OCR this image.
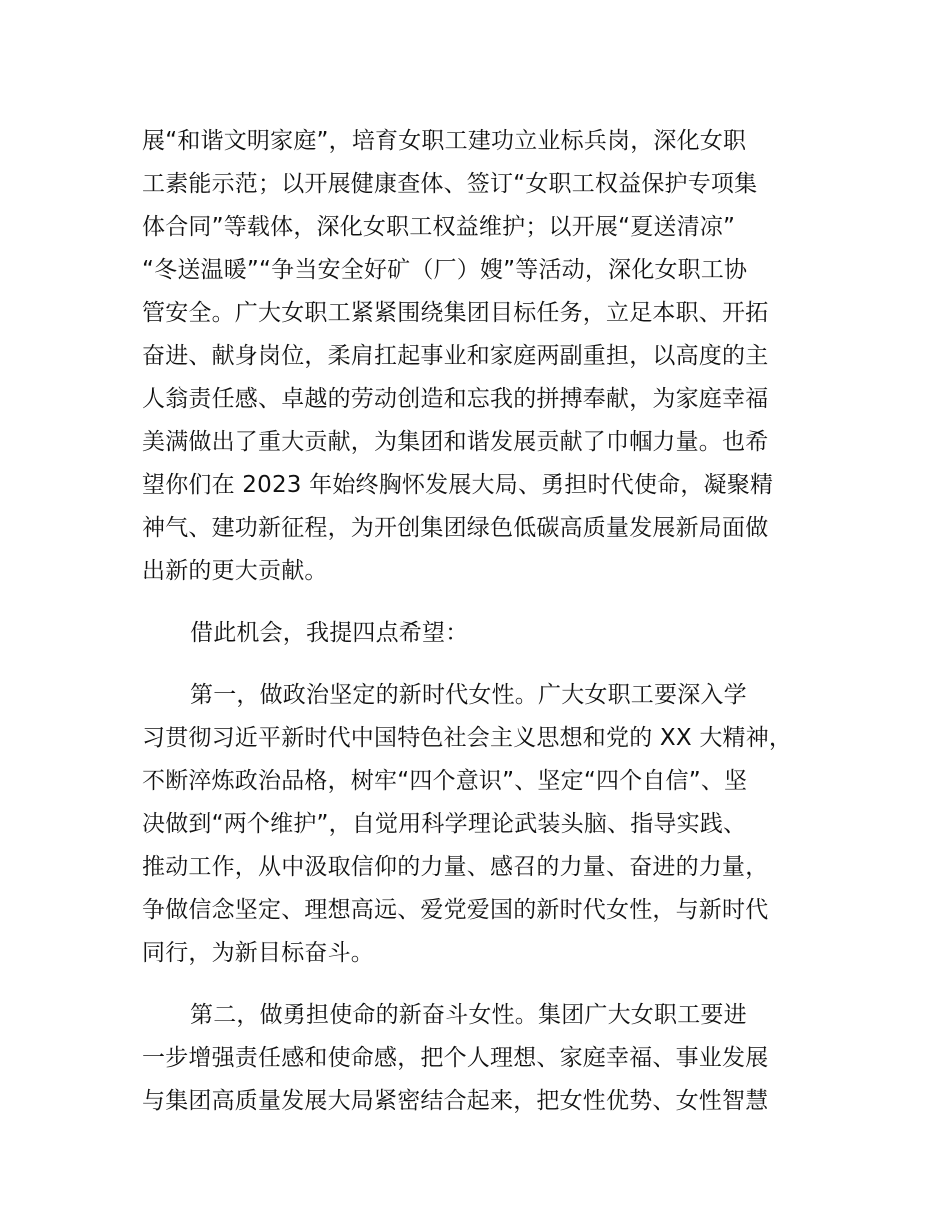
展“和谐文明家庭”，培育女职工建功立业标兵岗，深化女职
工素能示范；以开展健康查体、签订“女职工权益保护专项集
体合同”等载体，深化女职工权益维护；以开展“夏送清凉”
“冬送温暖”“争当安全好矿（厂）嫂”等活动，深化女职工协
管安全。广大女职工紧紧围绕集团目标任务，立足本职、开拓
奋进、献身岗位，柔肩扛起事业和家庭两副重担，以高度的主
人翁责任感、卓越的劳动创造和忘我的拼搏奉献，为家庭幸福
美满做出了重大贡献，为集团和谐发展贡献了巾帼力量。也希
望你们在 2023 年始终胸怀发展大局、勇担时代使命，凝聚精
神气、建功新征程，为开创集团绿色低碳高质量发展新局面做
出新的更大贡献。
借此机会，我提四点希望：
第一，做政治坚定的新时代女性。广大女职工要深入学
习贯彻习近平新时代中国特色社会主义思想和党的 XX 大精神，
不断淬炼政治品格，树牢“四个意识”、坚定“四个自信”、坚
决做到“两个维护”，自觉用科学理论武装头脑、指导实践、
推动工作，从中汲取信仰的力量、感召的力量、奋进的力量，
争做信念坚定、理想高远、爱党爱国的新时代女性，与新时代
同行，为新目标奋斗。
第二，做勇担使命的新奋斗女性。集团广大女职工要进
一步增强责任感和使命感，把个人理想、家庭幸福、事业发展
与集团高质量发展大局紧密结合起来，把女性优势、女性智慧
